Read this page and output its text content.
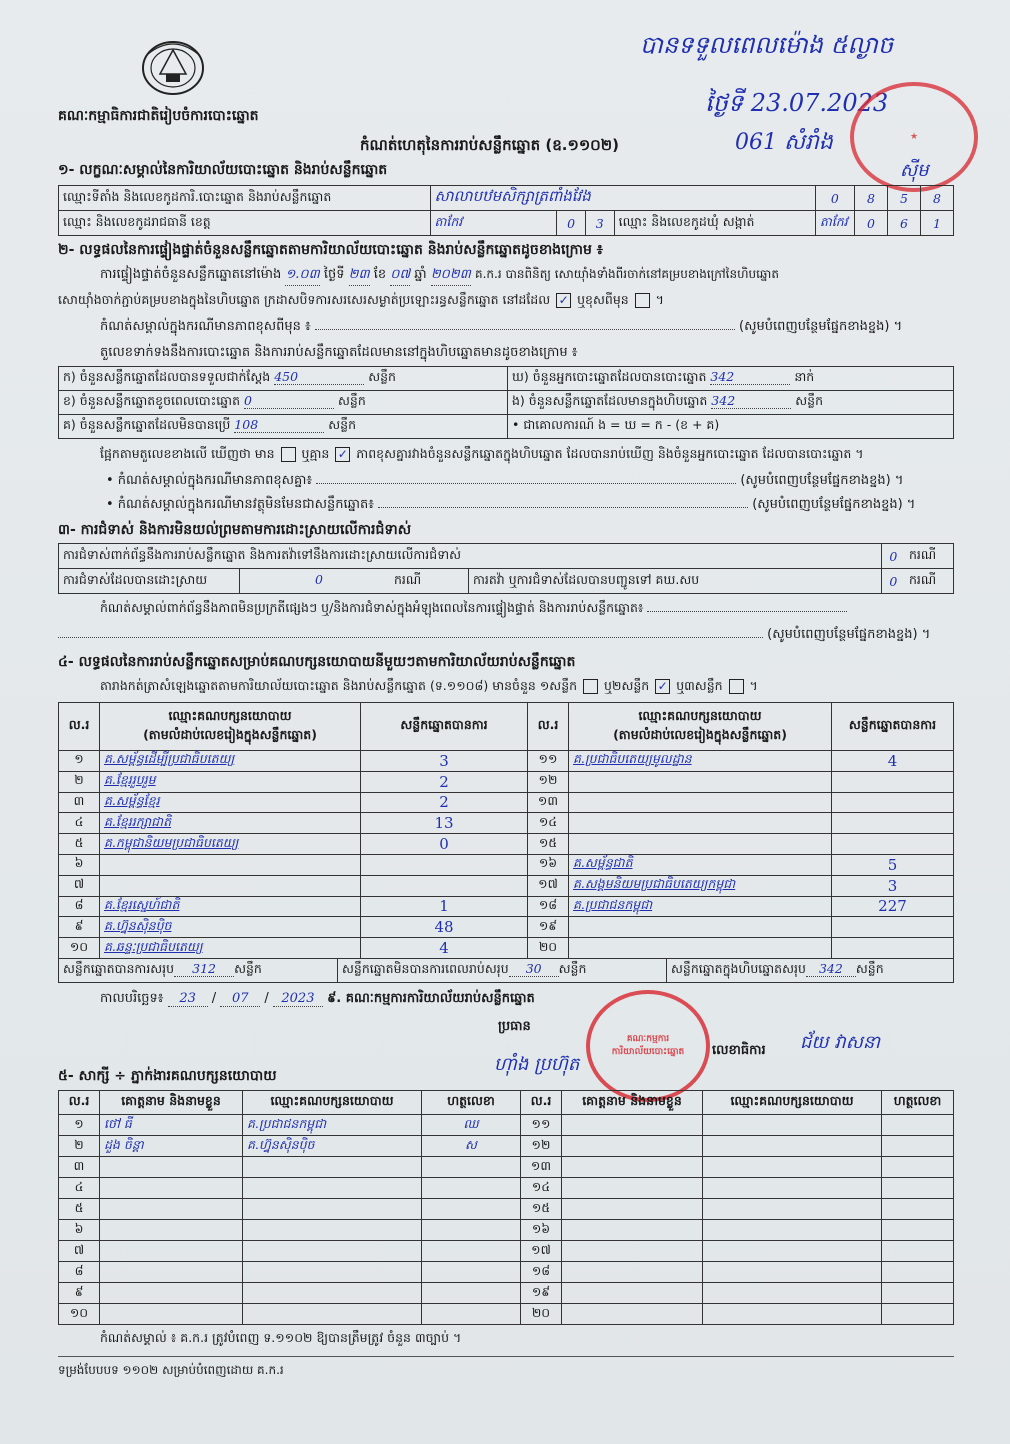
គណៈកម្មាធិការជាតិរៀបចំការបោះឆ្នោត
កំណត់ហេតុនៃការរាប់សន្លឹកឆ្នោត (ឧ.១១០២)
បាន​ទទួល​ពេល​ម៉ោង ៥ល្ងាច
ថ្ងៃទី 23.07.2023
061 សំរាំង
ស៊ីម
★
១- លក្ខណៈសម្គាល់នៃការិយាល័យបោះឆ្នោត និងរាប់សន្លឹកឆ្នោត
ឈ្មោះទីតាំង និងលេខកូដការិ.បោះឆ្នោត និងរាប់សន្លឹកឆ្នោត	សាលាបឋមសិក្សាត្រពាំងវែង				0	8	5	8
ឈ្មោះ និងលេខកូដរាជធានី ខេត្ត	តាកែវ	0	3	ឈ្មោះ និងលេខកូដឃុំ សង្កាត់	តាកែវ	0	6	1
២- លទ្ធផលនៃការផ្ទៀងផ្ទាត់ចំនួនសន្លឹកឆ្នោតតាមការិយាល័យបោះឆ្នោត និងរាប់សន្លឹកឆ្នោតដូចខាងក្រោម ៖
ការផ្ទៀងផ្ទាត់ចំនួនសន្លឹកឆ្នោតនៅម៉ោង ១.០៣ ថ្ងៃទី ២៣ ខែ ០៧ ឆ្នាំ ២០២៣ គ.ក.រ បានពិនិត្យ សោយ៉ាំងទាំងពីរចាក់នៅគម្របខាងក្រៅនៃហិបឆ្នោត
សោយ៉ាំងចាក់ភ្ជាប់គម្របខាងក្នុងនៃហិបឆ្នោត ក្រដាសបិទការសរសេរសម្ងាត់ប្រឡោះរន្ធសន្លឹកឆ្នោត នៅដដែល ✓ ឬខុសពីមុន  ។
កំណត់សម្គាល់ក្នុងករណីមានភាពខុសពីមុន ៖	(សូមបំពេញបន្ថែមផ្នែកខាងខ្នង) ។
តួលេខទាក់ទងនឹងការបោះឆ្នោត និងការរាប់សន្លឹកឆ្នោតដែលមាននៅក្នុងហិបឆ្នោតមានដូចខាងក្រោម ៖
ក) ចំនួនសន្លឹកឆ្នោតដែលបានទទួលជាក់ស្តែង 450 សន្លឹក	ឃ) ចំនួនអ្នកបោះឆ្នោតដែលបានបោះឆ្នោត 342 នាក់
ខ) ចំនួនសន្លឹកឆ្នោតខូចពេលបោះឆ្នោត 0 សន្លឹក	ង) ចំនួនសន្លឹកឆ្នោតដែលមានក្នុងហិបឆ្នោត 342 សន្លឹក
គ) ចំនួនសន្លឹកឆ្នោតដែលមិនបានប្រើ 108 សន្លឹក	• ជាគោលការណ៍ ង = ឃ = ក - (ខ + គ)
ផ្អែកតាមតួលេខខាងលើ ឃើញថា មាន ឬគ្មាន ✓ ភាពខុសគ្នារវាងចំនួនសន្លឹកឆ្នោតក្នុងហិបឆ្នោត ដែលបានរាប់ឃើញ និងចំនួនអ្នកបោះឆ្នោត ដែលបានបោះឆ្នោត ។
• កំណត់សម្គាល់ក្នុងករណីមានភាពខុសគ្នា៖	(សូមបំពេញបន្ថែមផ្នែកខាងខ្នង) ។
• កំណត់សម្គាល់ក្នុងករណីមានវត្ថុមិនមែនជាសន្លឹកឆ្នោត៖	(សូមបំពេញបន្ថែមផ្នែកខាងខ្នង) ។
៣- ការជំទាស់ និងការមិនយល់ព្រមតាមការដោះស្រាយលើការជំទាស់
ការជំទាស់ពាក់ព័ន្ធនឹងការរាប់សន្លឹកឆ្នោត និងការតវ៉ាទៅនឹងការដោះស្រាយលើការជំទាស់			0	ករណី
ការជំទាស់ដែលបានដោះស្រាយ	0 ករណី	ការតវ៉ា ឬការជំទាស់ដែលបានបញ្ជូនទៅ គឃ.សប	0	ករណី
កំណត់សម្គាល់ពាក់ព័ន្ធនឹងភាពមិនប្រក្រតីផ្សេងៗ ឬ/និងការជំទាស់ក្នុងអំឡុងពេលនៃការផ្ទៀងផ្ទាត់ និងការរាប់សន្លឹកឆ្នោត៖
(សូមបំពេញបន្ថែមផ្នែកខាងខ្នង) ។
៤- លទ្ធផលនៃការរាប់សន្លឹកឆ្នោតសម្រាប់គណបក្សនយោបាយនីមួយៗតាមការិយាល័យរាប់សន្លឹកឆ្នោត
តារាងកត់ត្រាសំឡេងឆ្នោតតាមការិយាល័យបោះឆ្នោត និងរាប់សន្លឹកឆ្នោត (ទ.១១០៨) មានចំនួន ១សន្លឹក ឬ២សន្លឹក ✓ ឬ៣សន្លឹក  ។
ល.រ	ឈ្មោះគណបក្សនយោបាយ
(តាមលំដាប់លេខរៀងក្នុងសន្លឹកឆ្នោត)	សន្លឹកឆ្នោតបានការ	ល.រ	ឈ្មោះគណបក្សនយោបាយ
(តាមលំដាប់លេខរៀងក្នុងសន្លឹកឆ្នោត)	សន្លឹកឆ្នោតបានការ
១	គ.សម្ព័ន្ធដើម្បីប្រជាធិបតេយ្យ	3	១១	គ.ប្រជាធិបតេយ្យមូលដ្ឋាន	4
២	គ.ខ្មែររួបរួម	2	១២		
៣	គ.សម្ព័ន្ធខ្មែរ	2	១៣		
៤	គ.ខ្មែររក្សាជាតិ	13	១៤		
៥	គ.កម្ពុជានិយមប្រជាធិបតេយ្យ	0	១៥		
៦			១៦	គ.សម្ព័ន្ធជាតិ	5
៧			១៧	គ.សង្គមនិយមប្រជាធិបតេយ្យកម្ពុជា	3
៨	គ.ខ្មែរស្នេហ៍ជាតិ	1	១៨	គ.ប្រជាជនកម្ពុជា	227
៩	គ.ហ្វ៊ុនស៊ិនប៉ិច	48	១៩		
១០	គ.ឆន្ទៈប្រជាធិបតេយ្យ	4	២០		
សន្លឹកឆ្នោតបានការសរុប 312 សន្លឹក	សន្លឹកឆ្នោតមិនបានការពេលរាប់សរុប 30 សន្លឹក	សន្លឹកឆ្នោតក្នុងហិបឆ្នោតសរុប 342 សន្លឹក
កាលបរិច្ឆេទ៖ 23 / 07 / 2023 ៩. គណៈកម្មការការិយាល័យរាប់សន្លឹកឆ្នោត
ប្រធាន
ហ៊ាំង ប្រហ៊ុត
លេខាធិការ ជ័យ វាសនា
គណៈកម្មការការិយាល័យបោះឆ្នោត
៥- សាក្សី ÷ ភ្នាក់ងារគណបក្សនយោបាយ
ល.រ	គោត្តនាម និងនាមខ្លួន	ឈ្មោះគណបក្សនយោបាយ	ហត្ថលេខា	ល.រ	គោត្តនាម និងនាមខ្លួន	ឈ្មោះគណបក្សនយោបាយ	ហត្ថលេខា
១	ថៅ ធី	គ.ប្រជាជនកម្ពុជា	ឈ	១១			
២	ដួង ចិន្តា	គ.ហ្វ៊ុនស៊ិនប៉ិច	ស	១២			
៣				១៣			
៤				១៤			
៥				១៥			
៦				១៦			
៧				១៧			
៨				១៨			
៩				១៩			
១០				២០			
កំណត់សម្គាល់ ៖ គ.ក.រ ត្រូវបំពេញ ទ.១១០២ ឱ្យបានត្រឹមត្រូវ ចំនួន ៣ច្បាប់ ។
ទម្រង់បែបបទ ១១០២ សម្រាប់បំពេញដោយ គ.ក.រ
